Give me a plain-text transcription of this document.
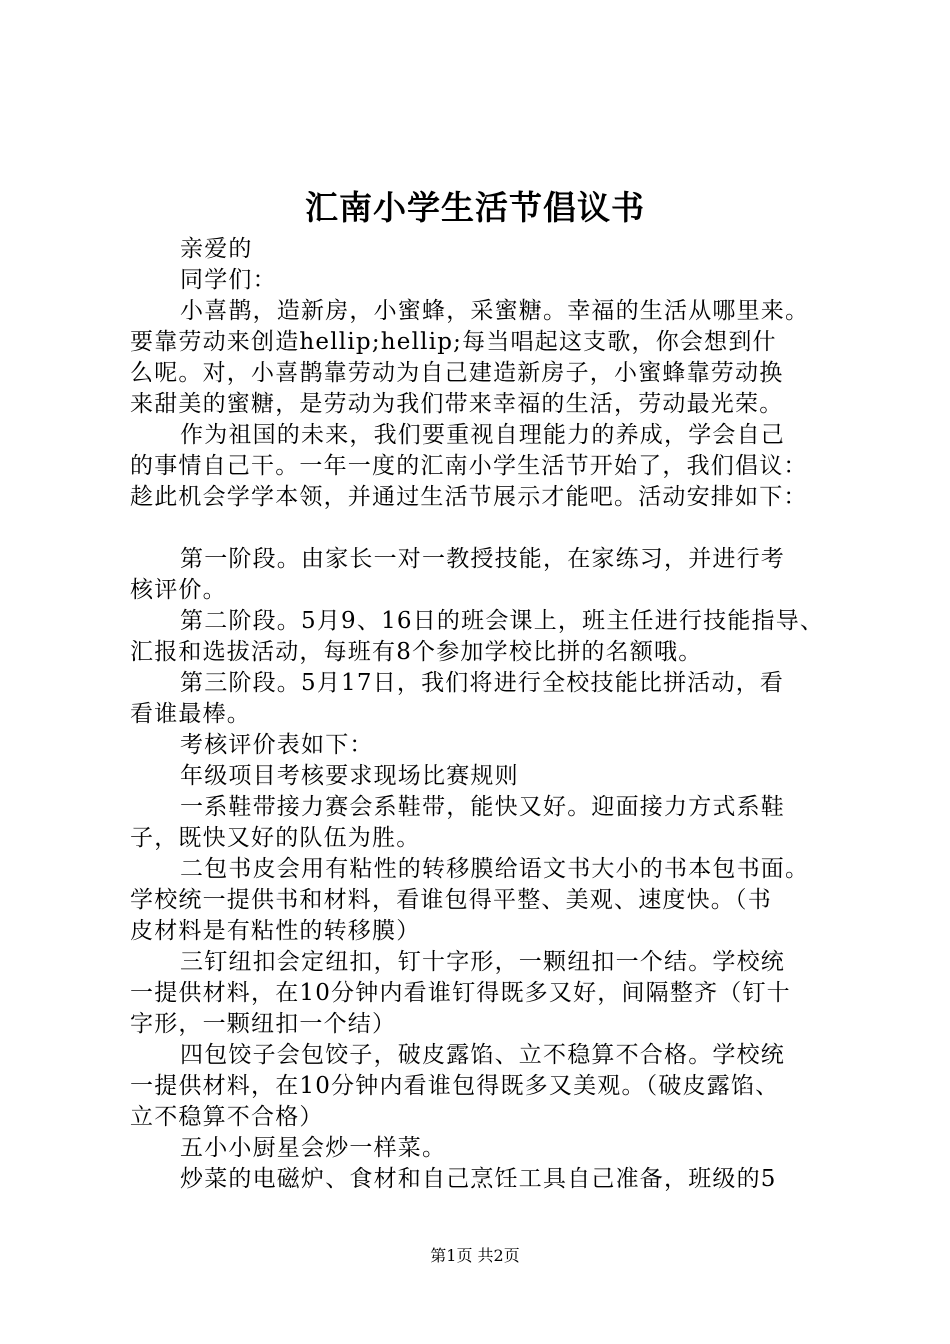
汇南小学生活节倡议书
亲爱的
同学们：
小喜鹊，造新房，小蜜蜂，采蜜糖。幸福的生活从哪里来。
要靠劳动来创造hellip;hellip;每当唱起这支歌，你会想到什
么呢。对，小喜鹊靠劳动为自己建造新房子，小蜜蜂靠劳动换
来甜美的蜜糖，是劳动为我们带来幸福的生活，劳动最光荣。
作为祖国的未来，我们要重视自理能力的养成，学会自己
的事情自己干。一年一度的汇南小学生活节开始了，我们倡议：
趁此机会学学本领，并通过生活节展示才能吧。活动安排如下：
第一阶段。由家长一对一教授技能，在家练习，并进行考
核评价。
第二阶段。5月9、16日的班会课上，班主任进行技能指导、
汇报和选拔活动，每班有8个参加学校比拼的名额哦。
第三阶段。5月17日，我们将进行全校技能比拼活动，看
看谁最棒。
考核评价表如下：
年级项目考核要求现场比赛规则
一系鞋带接力赛会系鞋带，能快又好。迎面接力方式系鞋
子，既快又好的队伍为胜。
二包书皮会用有粘性的转移膜给语文书大小的书本包书面。
学校统一提供书和材料，看谁包得平整、美观、速度快。（书
皮材料是有粘性的转移膜）
三钉纽扣会定纽扣，钉十字形，一颗纽扣一个结。学校统
一提供材料，在10分钟内看谁钉得既多又好，间隔整齐（钉十
字形，一颗纽扣一个结）
四包饺子会包饺子，破皮露馅、立不稳算不合格。学校统
一提供材料，在10分钟内看谁包得既多又美观。（破皮露馅、
立不稳算不合格）
五小小厨星会炒一样菜。
炒菜的电磁炉、食材和自己烹饪工具自己准备，班级的5
第1页 共2页
